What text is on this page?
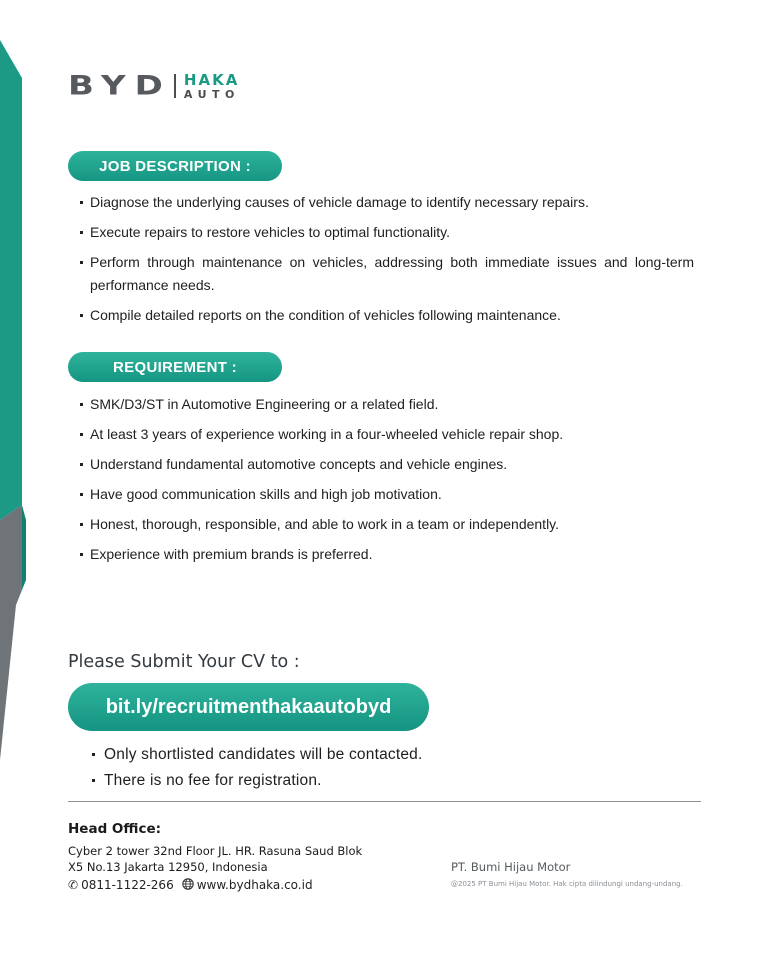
BYD HAKA
AUTO
JOB DESCRIPTION :
Diagnose the underlying causes of vehicle damage to identify necessary repairs.
Execute repairs to restore vehicles to optimal functionality.
Perform through maintenance on vehicles, addressing both immediate issues and long-term performance needs.
Compile detailed reports on the condition of vehicles following maintenance.
REQUIREMENT :
SMK/D3/ST in Automotive Engineering or a related field.
At least 3 years of experience working in a four-wheeled vehicle repair shop.
Understand fundamental automotive concepts and vehicle engines.
Have good communication skills and high job motivation.
Honest, thorough, responsible, and able to work in a team or independently.
Experience with premium brands is preferred.
Please Submit Your CV to :
bit.ly/recruitmenthakaautobyd
Only shortlisted candidates will be contacted.
There is no fee for registration.
Head Office:
Cyber 2 tower 32nd Floor JL. HR. Rasuna Saud Blok
X5 No.13 Jakarta 12950, Indonesia
✆ 0811-1122-266 www.bydhaka.co.id
PT. Bumi Hijau Motor
@2025 PT Bumi Hijau Motor. Hak cipta dilindungi undang-undang.
